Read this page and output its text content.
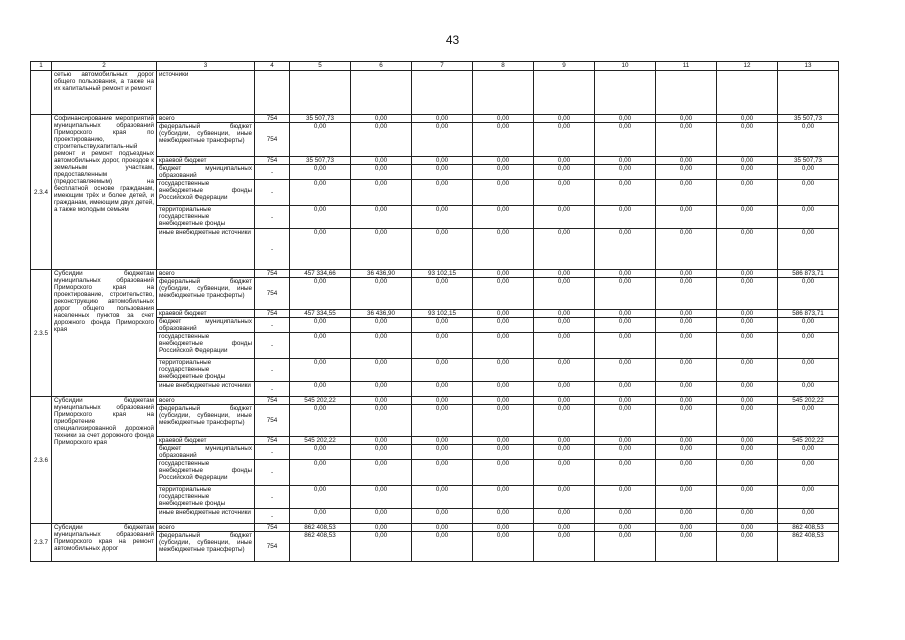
43
1	2	3	4	5	6	7	8	9	10	11	12	13
	сетью автомобильных дорог общего пользования, а также на их капитальный ремонт и ремонт	источники										
2.3.4	Софинансирование мероприятий муниципальных образований Приморского края по проектированию, строительству,капиталь-ный ремонт и ремонт подъездных автомобильных дорог, проездов к земельным участкам, предоставленным (предоставляемым) на бесплатной основе гражданам, имеющим трёх и более детей, и гражданам, имеющим двух детей, а также молодым семьям	всего	754	35 507,73	0,00	0,00	0,00	0,00	0,00	0,00	0,00	35 507,73
		федеральный бюджет (субсидии, субвенции, иные межбюджетные трансферты)	754	0,00	0,00	0,00	0,00	0,00	0,00	0,00	0,00	0,00
		краевой бюджет	754	35 507,73	0,00	0,00	0,00	0,00	0,00	0,00	0,00	35 507,73
		бюджет муниципальных образований	-	0,00	0,00	0,00	0,00	0,00	0,00	0,00	0,00	0,00
		государственные внебюджетные фонды Российской Федерации	-	0,00	0,00	0,00	0,00	0,00	0,00	0,00	0,00	0,00
		территориальные государственные внебюджетные фонды	-	0,00	0,00	0,00	0,00	0,00	0,00	0,00	0,00	0,00
		иные внебюджетные источники	-	0,00	0,00	0,00	0,00	0,00	0,00	0,00	0,00	0,00
2.3.5	Субсидии бюджетам муниципальных образований Приморского края на проектирование, строительство, реконструкцию автомобильных дорог общего пользования населенных пунктов за счет дорожного фонда Приморского края	всего	754	457 334,66	36 436,90	93 102,15	0,00	0,00	0,00	0,00	0,00	586 873,71
		федеральный бюджет (субсидии, субвенции, иные межбюджетные трансферты)	754	0,00	0,00	0,00	0,00	0,00	0,00	0,00	0,00	0,00
		краевой бюджет	754	457 334,55	36 436,90	93 102,15	0,00	0,00	0,00	0,00	0,00	586 873,71
		бюджет муниципальных образований	-	0,00	0,00	0,00	0,00	0,00	0,00	0,00	0,00	0,00
		государственные внебюджетные фонды Российской Федерации	-	0,00	0,00	0,00	0,00	0,00	0,00	0,00	0,00	0,00
		территориальные государственные внебюджетные фонды	-	0,00	0,00	0,00	0,00	0,00	0,00	0,00	0,00	0,00
		иные внебюджетные источники	-	0,00	0,00	0,00	0,00	0,00	0,00	0,00	0,00	0,00
2.3.6	Субсидии бюджетам муниципальных образований Приморского края на приобретение специализированной дорожной техники за счет дорожного фонда Приморского края	всего	754	545 202,22	0,00	0,00	0,00	0,00	0,00	0,00	0,00	545 202,22
		федеральный бюджет (субсидии, субвенции, иные межбюджетные трансферты)	754	0,00	0,00	0,00	0,00	0,00	0,00	0,00	0,00	0,00
		краевой бюджет	754	545 202,22	0,00	0,00	0,00	0,00	0,00	0,00	0,00	545 202,22
		бюджет муниципальных образований	-	0,00	0,00	0,00	0,00	0,00	0,00	0,00	0,00	0,00
		государственные внебюджетные фонды Российской Федерации	-	0,00	0,00	0,00	0,00	0,00	0,00	0,00	0,00	0,00
		территориальные государственные внебюджетные фонды	-	0,00	0,00	0,00	0,00	0,00	0,00	0,00	0,00	0,00
		иные внебюджетные источники	-	0,00	0,00	0,00	0,00	0,00	0,00	0,00	0,00	0,00
2.3.7	Субсидии бюджетам муниципальных образований Приморского края на ремонт автомобильных дорог	всего	754	862 408,53	0,00	0,00	0,00	0,00	0,00	0,00	0,00	862 408,53
		федеральный бюджет (субсидии, субвенции, иные межбюджетные трансферты)	754	862 408,53	0,00	0,00	0,00	0,00	0,00	0,00	0,00	862 408,53
